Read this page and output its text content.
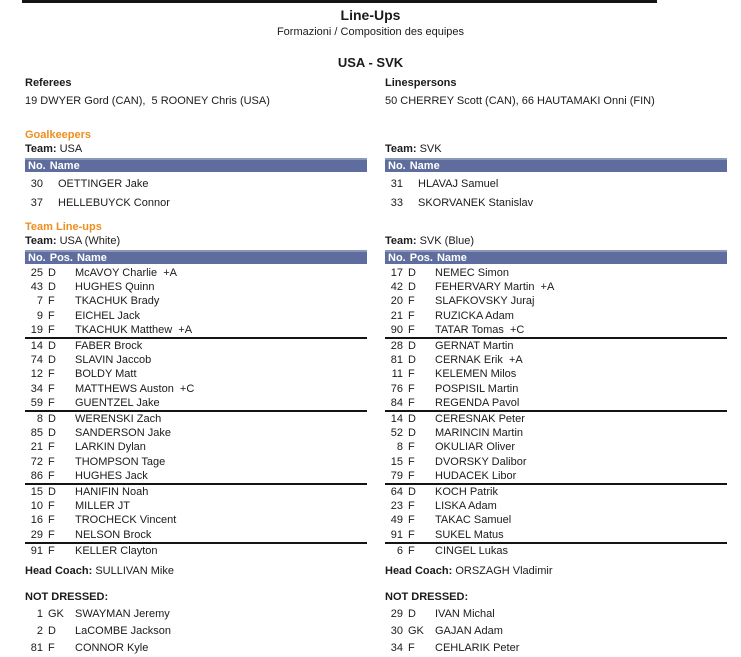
Line-Ups
Formazioni / Composition des equipes
USA - SVK
Referees
19 DWYER Gord (CAN),  5 ROONEY Chris (USA)
Linespersons
50 CHERREY Scott (CAN), 66 HAUTAMAKI Onni (FIN)
Goalkeepers
Team: USA
No. Name
30 OETTINGER Jake
37 HELLEBUYCK Connor
Team: SVK
No. Name
31 HLAVAJ Samuel
33 SKORVANEK Stanislav
Team Line-ups
Team: USA (White)
No. Pos. Name
25 D	McAVOY Charlie  +A
43 D	HUGHES Quinn
7 F	TKACHUK Brady
9 F	EICHEL Jack
19 F	TKACHUK Matthew  +A
14 D	FABER Brock
74 D	SLAVIN Jaccob
12 F	BOLDY Matt
34 F	MATTHEWS Auston  +C
59 F	GUENTZEL Jake
8 D	WERENSKI Zach
85 D	SANDERSON Jake
21 F	LARKIN Dylan
72 F	THOMPSON Tage
86 F	HUGHES Jack
15 D	HANIFIN Noah
10 F	MILLER JT
16 F	TROCHECK Vincent
29 F	NELSON Brock
91 F	KELLER Clayton
Head Coach: SULLIVAN Mike
NOT DRESSED:
1 GK	SWAYMAN Jeremy
2 D	LaCOMBE Jackson
81 F	CONNOR Kyle
Team: SVK (Blue)
No. Pos. Name
17 D	NEMEC Simon
42 D	FEHERVARY Martin  +A
20 F	SLAFKOVSKY Juraj
21 F	RUZICKA Adam
90 F	TATAR Tomas  +C
28 D	GERNAT Martin
81 D	CERNAK Erik  +A
11 F	KELEMEN Milos
76 F	POSPISIL Martin
84 F	REGENDA Pavol
14 D	CERESNAK Peter
52 D	MARINCIN Martin
8 F	OKULIAR Oliver
15 F	DVORSKY Dalibor
79 F	HUDACEK Libor
64 D	KOCH Patrik
23 F	LISKA Adam
49 F	TAKAC Samuel
91 F	SUKEL Matus
6 F	CINGEL Lukas
Head Coach: ORSZAGH Vladimir
NOT DRESSED:
29 D	IVAN Michal
30 GK	GAJAN Adam
34 F	CEHLARIK Peter
